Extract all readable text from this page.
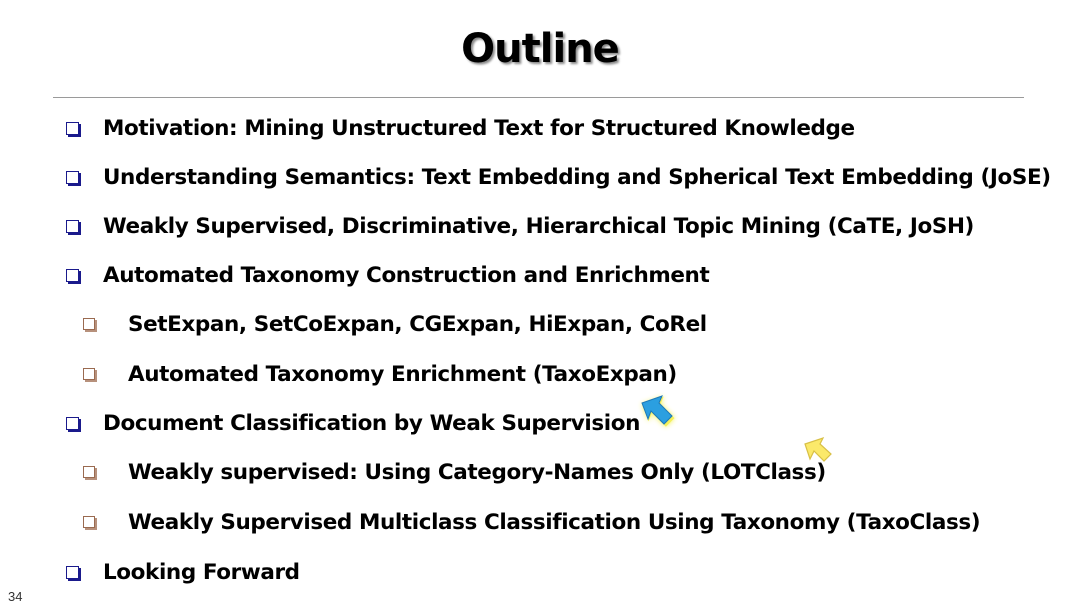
Outline
Motivation: Mining Unstructured Text for Structured Knowledge
Understanding Semantics: Text Embedding and Spherical Text Embedding (JoSE)
Weakly Supervised, Discriminative, Hierarchical Topic Mining (CaTE, JoSH)
Automated Taxonomy Construction and Enrichment
SetExpan, SetCoExpan, CGExpan, HiExpan, CoRel
Automated Taxonomy Enrichment (TaxoExpan)
Document Classification by Weak Supervision
Weakly supervised: Using Category-Names Only (LOTClass)
Weakly Supervised Multiclass Classification Using Taxonomy (TaxoClass)
Looking Forward
34
